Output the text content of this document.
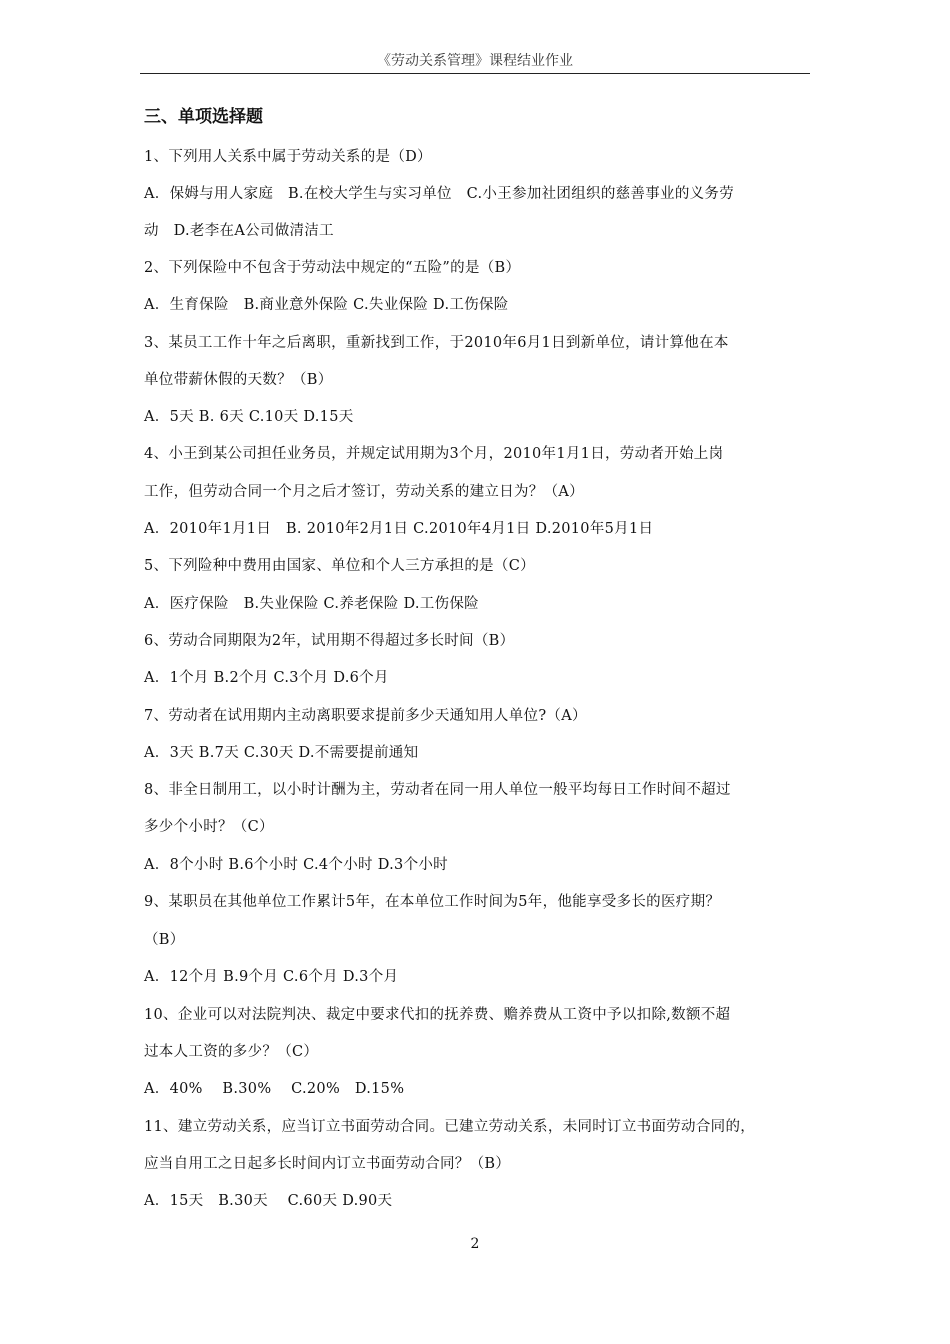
《劳动关系管理》课程结业作业
三、单项选择题
1、下列用人关系中属于劳动关系的是（D）
A．保姆与用人家庭　B.在校大学生与实习单位　C.小王参加社团组织的慈善事业的义务劳
动　D.老李在A公司做清洁工
2、下列保险中不包含于劳动法中规定的“五险”的是（B）
A．生育保险　B.商业意外保险 C.失业保险 D.工伤保险
3、某员工工作十年之后离职，重新找到工作，于2010年6月1日到新单位，请计算他在本
单位带薪休假的天数？（B）
A．5天 B. 6天 C.10天 D.15天
4、小王到某公司担任业务员，并规定试用期为3个月，2010年1月1日，劳动者开始上岗
工作，但劳动合同一个月之后才签订，劳动关系的建立日为？（A）
A．2010年1月1日　B. 2010年2月1日 C.2010年4月1日 D.2010年5月1日
5、下列险种中费用由国家、单位和个人三方承担的是（C）
A．医疗保险　B.失业保险 C.养老保险 D.工伤保险
6、劳动合同期限为2年，试用期不得超过多长时间（B）
A．1个月 B.2个月 C.3个月 D.6个月
7、劳动者在试用期内主动离职要求提前多少天通知用人单位?（A）
A．3天 B.7天 C.30天 D.不需要提前通知
8、非全日制用工，以小时计酬为主，劳动者在同一用人单位一般平均每日工作时间不超过
多少个小时？（C）
A．8个小时 B.6个小时 C.4个小时 D.3个小时
9、某职员在其他单位工作累计5年，在本单位工作时间为5年，他能享受多长的医疗期？
（B）
A．12个月 B.9个月 C.6个月 D.3个月
10、企业可以对法院判决、裁定中要求代扣的抚养费、赡养费从工资中予以扣除,数额不超
过本人工资的多少？（C）
A．40%　 B.30%　 C.20%　D.15%
11、建立劳动关系，应当订立书面劳动合同。已建立劳动关系，未同时订立书面劳动合同的，
应当自用工之日起多长时间内订立书面劳动合同？（B）
A．15天　B.30天　 C.60天 D.90天
2
